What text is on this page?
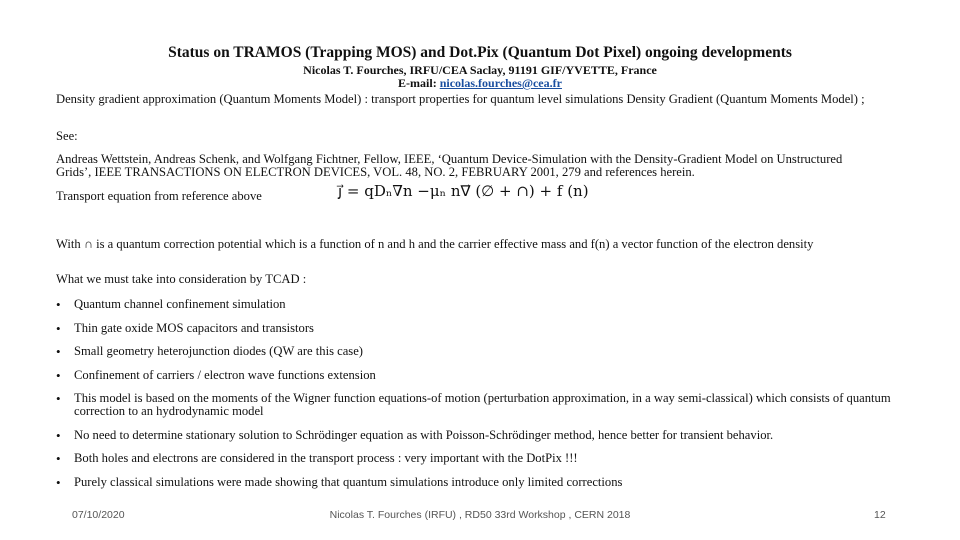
Status on TRAMOS (Trapping MOS) and Dot.Pix (Quantum Dot Pixel) ongoing developments
Nicolas T. Fourches, IRFU/CEA Saclay, 91191 GIF/YVETTE, France
E-mail: nicolas.fourches@cea.fr
Density gradient approximation (Quantum Moments Model) : transport properties for quantum level simulations Density Gradient (Quantum Moments Model) ;
See:
Andreas Wettstein, Andreas Schenk, and Wolfgang Fichtner, Fellow, IEEE, ‘Quantum Device-Simulation with the Density-Gradient Model on Unstructured Grids’, IEEE TRANSACTIONS ON ELECTRON DEVICES, VOL. 48, NO. 2, FEBRUARY 2001, 279 and references herein.
Transport equation from reference above	j⃗ = qDₙ∇n −μₙ n∇⃗ (∅ + ∩) + f (n)
With ∩ is a quantum correction potential which is a function of n and h and the carrier effective mass and f(n) a vector function of the electron density
What we must take into consideration by TCAD :
• Quantum channel confinement simulation
• Thin gate oxide MOS capacitors and transistors
• Small geometry heterojunction diodes (QW are this case)
• Confinement of carriers / electron wave functions extension
• This model is based on the moments of the Wigner function equations-of motion (perturbation approximation, in a way semi-classical) which consists of quantum correction to an hydrodynamic model
• No need to determine stationary solution to Schrödinger equation as with Poisson-Schrödinger method, hence better for transient behavior.
• Both holes and electrons are considered in the transport process : very important with the DotPix !!!
• Purely classical simulations were made showing that quantum simulations introduce only limited corrections
07/10/2020	Nicolas T. Fourches (IRFU) , RD50 33rd Workshop , CERN 2018	12
